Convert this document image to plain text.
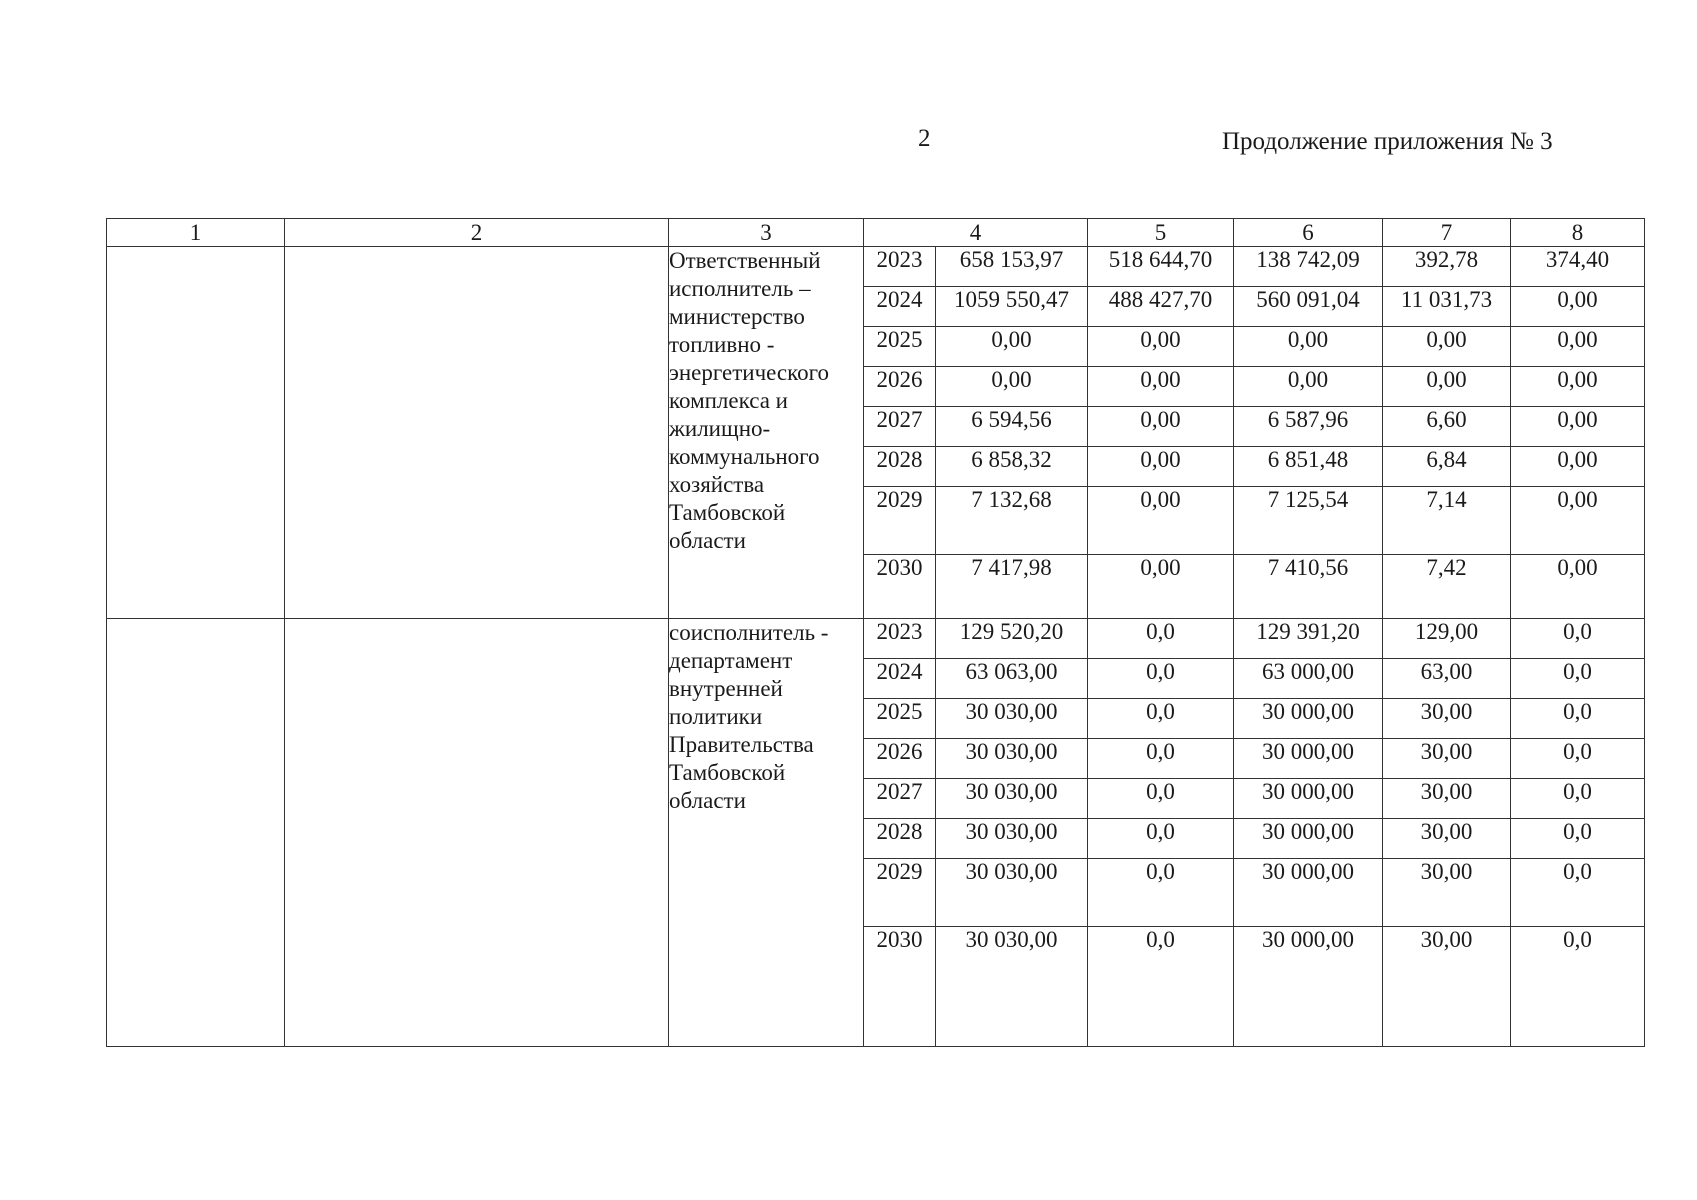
2	Продолжение приложения № 3
1	2	3	4		5	6	7	8

		Ответственный исполнитель – министерство топливно - энергетического комплекса и жилищно-коммунального хозяйства Тамбовской области	2023	658 153,97	518 644,70	138 742,09	392,78	374,40
			2024	1059 550,47	488 427,70	560 091,04	11 031,73	0,00
			2025	0,00	0,00	0,00	0,00	0,00
			2026	0,00	0,00	0,00	0,00	0,00
			2027	6 594,56	0,00	6 587,96	6,60	0,00
			2028	6 858,32	0,00	6 851,48	6,84	0,00
			2029	7 132,68	0,00	7 125,54	7,14	0,00
			2030	7 417,98	0,00	7 410,56	7,42	0,00

		соисполнитель - департамент внутренней политики Правительства Тамбовской области	2023	129 520,20	0,0	129 391,20	129,00	0,0
			2024	63 063,00	0,0	63 000,00	63,00	0,0
			2025	30 030,00	0,0	30 000,00	30,00	0,0
			2026	30 030,00	0,0	30 000,00	30,00	0,0
			2027	30 030,00	0,0	30 000,00	30,00	0,0
			2028	30 030,00	0,0	30 000,00	30,00	0,0
			2029	30 030,00	0,0	30 000,00	30,00	0,0
			2030	30 030,00	0,0	30 000,00	30,00	0,0
